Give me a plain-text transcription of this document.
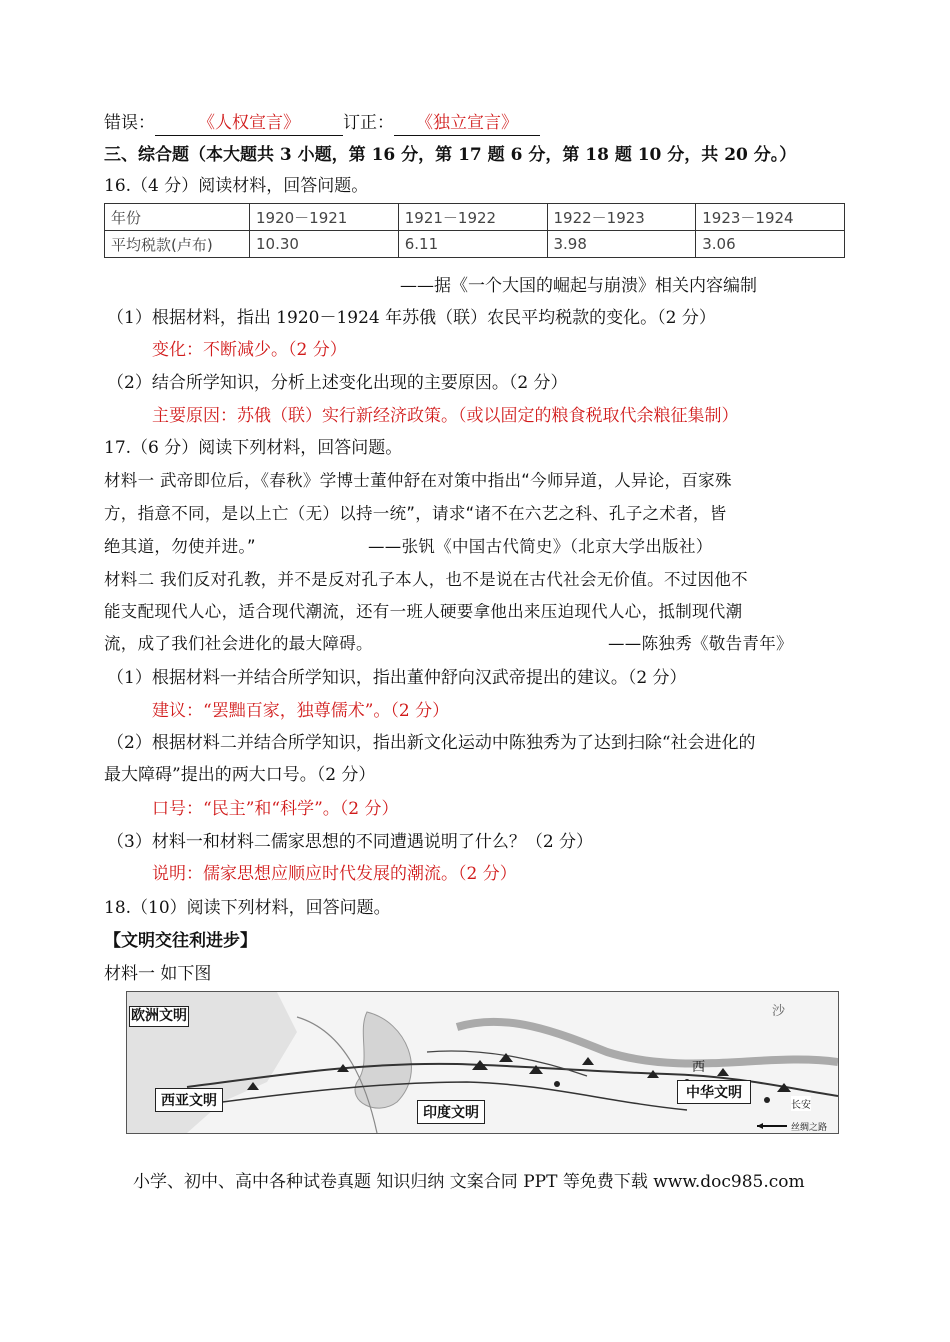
错误：	《人权宣言》	订正： 《独立宣言》
三、综合题（本大题共 3 小题，第 16 分，第 17 题 6 分，第 18 题 10 分，共 20 分。）
16.（4 分）阅读材料，回答问题。
年份	1920－1921	1921－1922	1922－1923	1923－1924
平均税款(卢布)	10.30	6.11	3.98	3.06
——据《一个大国的崛起与崩溃》相关内容编制
（1）根据材料，指出 1920－1924 年苏俄（联）农民平均税款的变化。（2 分）
变化：不断减少。（2 分）
（2）结合所学知识，分析上述变化出现的主要原因。（2 分）
主要原因：苏俄（联）实行新经济政策。（或以固定的粮食税取代余粮征集制）
17.（6 分）阅读下列材料，回答问题。
材料一 武帝即位后，《春秋》学博士董仲舒在对策中指出“今师异道，人异论，百家殊
方，指意不同，是以上亡（无）以持一统”，请求“诸不在六艺之科、孔子之术者，皆
绝其道，勿使并进。”	——张钒《中国古代简史》（北京大学出版社）
材料二 我们反对孔教，并不是反对孔子本人，也不是说在古代社会无价值。不过因他不
能支配现代人心，适合现代潮流，还有一班人硬要拿他出来压迫现代人心，抵制现代潮
流，成了我们社会进化的最大障碍。	——陈独秀《敬告青年》
（1）根据材料一并结合所学知识，指出董仲舒向汉武帝提出的建议。（2 分）
建议：“罢黜百家，独尊儒术”。（2 分）
（2）根据材料二并结合所学知识，指出新文化运动中陈独秀为了达到扫除“社会进化的
最大障碍”提出的两大口号。（2 分）
口号：“民主”和“科学”。（2 分）
（3）材料一和材料二儒家思想的不同遭遇说明了什么？（2 分）
说明：儒家思想应顺应时代发展的潮流。（2 分）
18.（10）阅读下列材料，回答问题。
【文明交往利进步】
材料一 如下图
欧洲文明
西亚文明
印度文明
中华文明
长安
沙
西
丝绸之路
小学、初中、高中各种试卷真题 知识归纳 文案合同 PPT 等免费下载 www.doc985.com
